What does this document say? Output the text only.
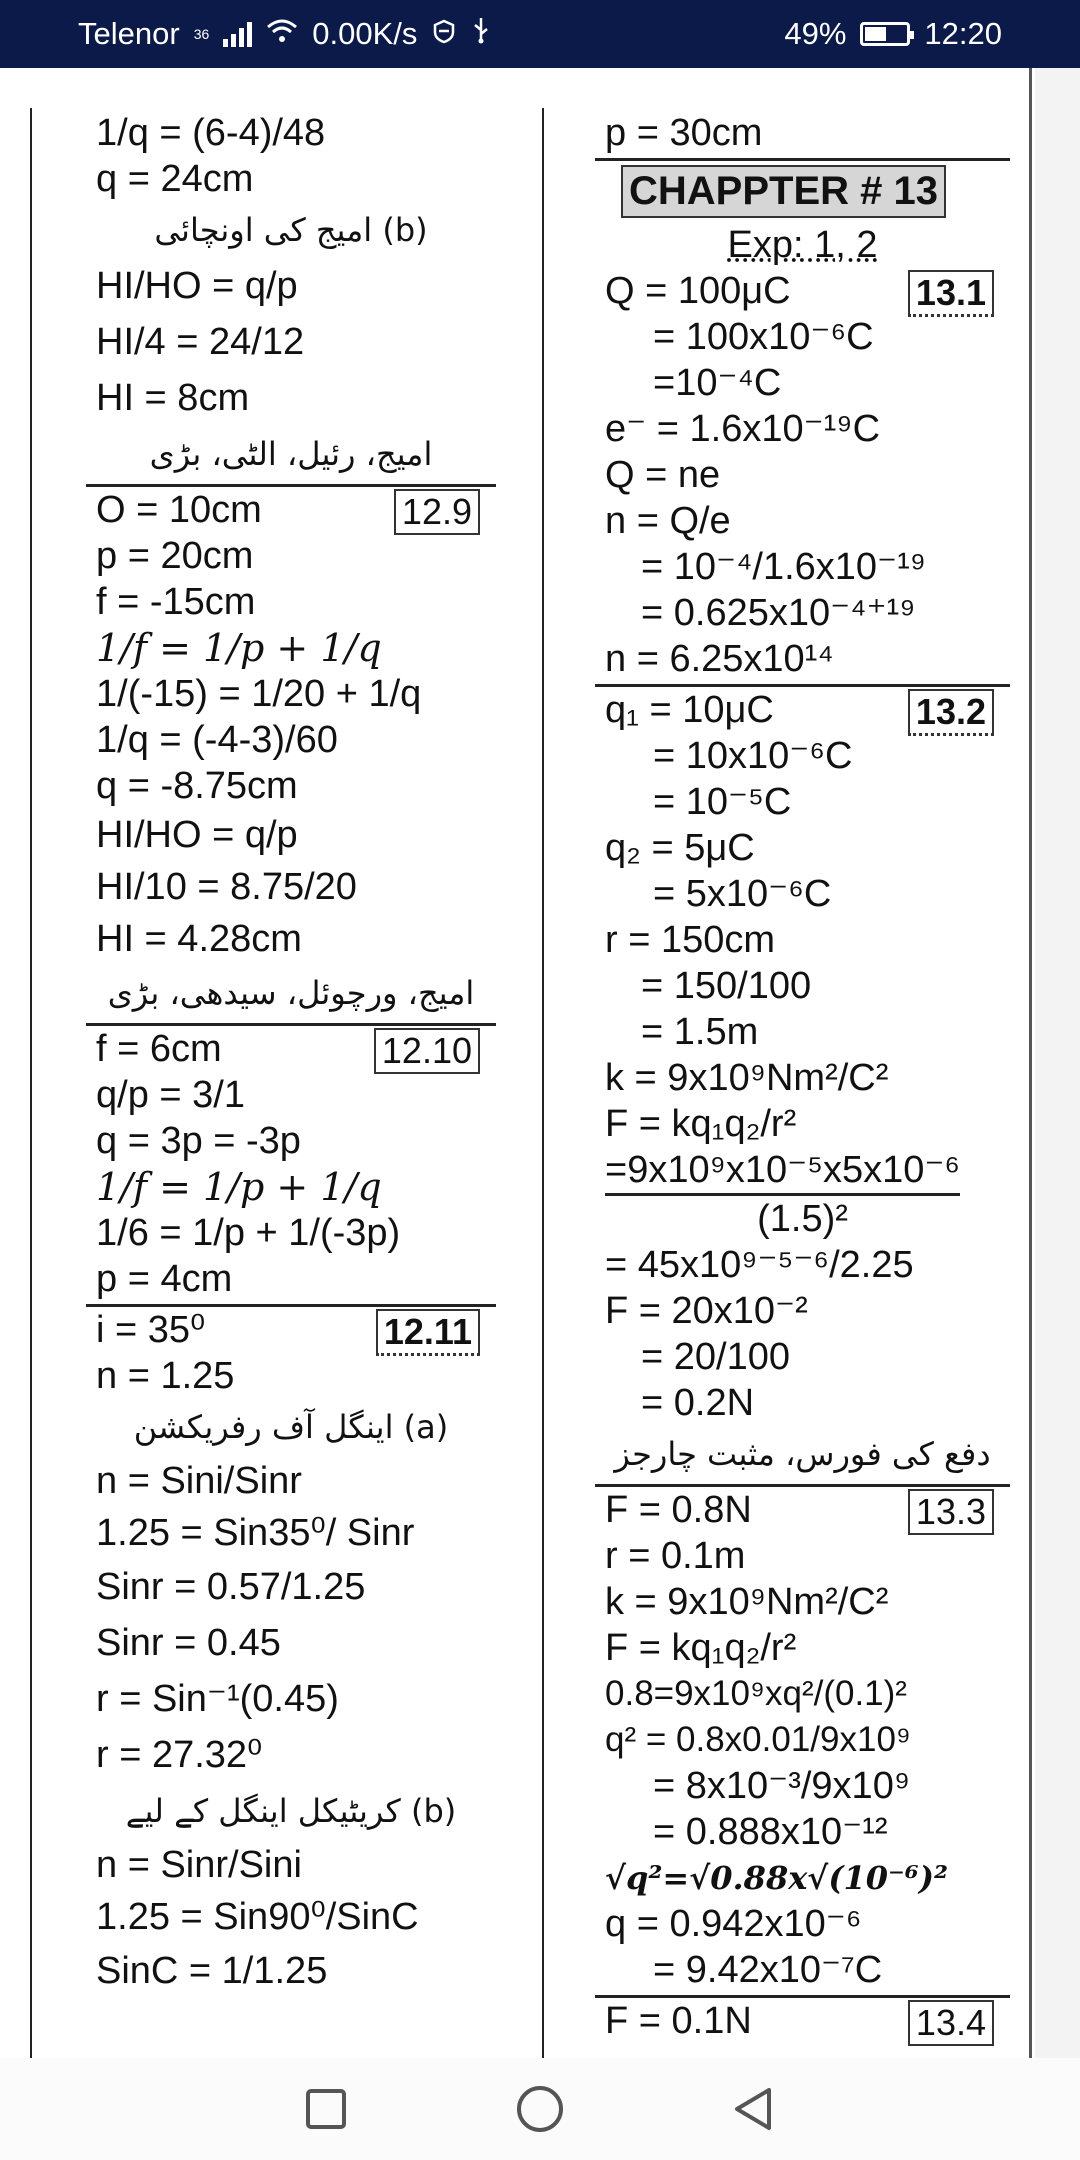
Telenor 36	0.00K/s	49%	12:20
1/q = (6-4)/48
q = 24cm
(b) امیج کی اونچائی
HI/HO = q/p
HI/4 = 24/12
HI = 8cm
امیج، رئیل، الٹی، بڑی
O = 10cm	12.9
p = 20cm
f = -15cm
1/f = 1/p + 1/q
1/(-15) = 1/20 + 1/q
1/q = (-4-3)/60
q = -8.75cm
HI/HO = q/p
HI/10 = 8.75/20
HI = 4.28cm
امیج، ورچوئل، سیدھی، بڑی
f = 6cm	12.10
q/p = 3/1
q = 3p = -3p
1/f = 1/p + 1/q
1/6 = 1/p + 1/(-3p)
p = 4cm
i = 35⁰	12.11
n = 1.25
(a) اینگل آف رفریکشن
n = Sini/Sinr
1.25 = Sin35⁰/ Sinr
Sinr = 0.57/1.25
Sinr = 0.45
r = Sin⁻¹(0.45)
r = 27.32⁰
(b) کریٹیکل اینگل کے لیے
n = Sinr/Sini
1.25 = Sin90⁰/SinC
SinC = 1/1.25
p = 30cm
CHAPPTER # 13
Exp: 1, 2
Q = 100μC	13.1
= 100x10⁻⁶C
=10⁻⁴C
e⁻ = 1.6x10⁻¹⁹C
Q = ne
n = Q/e
= 10⁻⁴/1.6x10⁻¹⁹
= 0.625x10⁻⁴⁺¹⁹
n = 6.25x10¹⁴
q₁ = 10μC	13.2
= 10x10⁻⁶C
= 10⁻⁵C
q₂ = 5μC
= 5x10⁻⁶C
r = 150cm
= 150/100
= 1.5m
k = 9x10⁹Nm²/C²
F = kq₁q₂/r²
=9x10⁹x10⁻⁵x5x10⁻⁶
(1.5)²
= 45x10⁹⁻⁵⁻⁶/2.25
F = 20x10⁻²
= 20/100
= 0.2N
دفع کی فورس، مثبت چارجز
F = 0.8N	13.3
r = 0.1m
k = 9x10⁹Nm²/C²
F = kq₁q₂/r²
0.8=9x10⁹xq²/(0.1)²
q² = 0.8x0.01/9x10⁹
= 8x10⁻³/9x10⁹
= 0.888x10⁻¹²
√q²=√0.88x√(10⁻⁶)²
q = 0.942x10⁻⁶
= 9.42x10⁻⁷C
F = 0.1N	13.4
